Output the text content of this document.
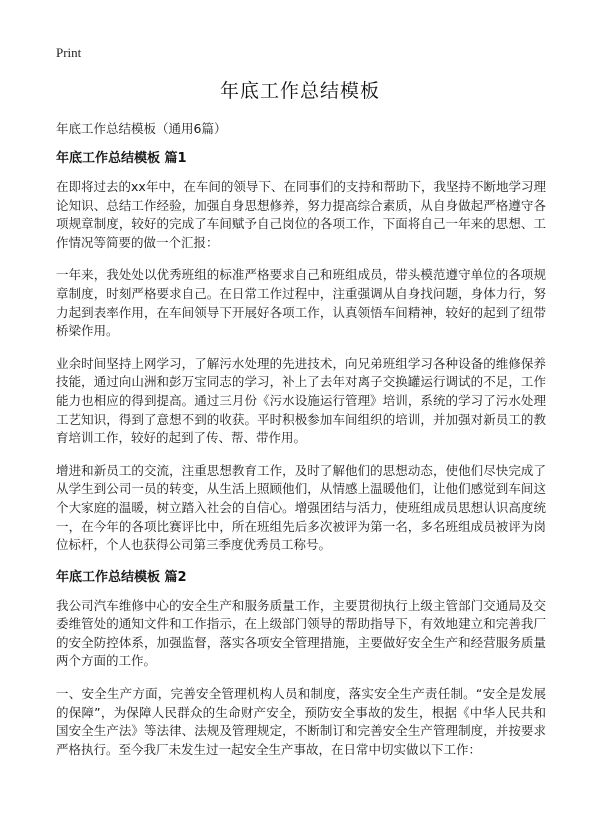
Print
年底工作总结模板

年底工作总结模板（通用6篇）

年底工作总结模板 篇1

在即将过去的xx年中，在车间的领导下、在同事们的支持和帮助下，我坚持不断地学习理论知识、总结工作经验，加强自身思想修养，努力提高综合素质，从自身做起严格遵守各项规章制度，较好的完成了车间赋予自己岗位的各项工作，下面将自己一年来的思想、工作情况等简要的做一个汇报：

一年来，我处处以优秀班组的标准严格要求自己和班组成员，带头模范遵守单位的各项规章制度，时刻严格要求自己。在日常工作过程中，注重强调从自身找问题，身体力行，努力起到表率作用，在车间领导下开展好各项工作，认真领悟车间精神，较好的起到了纽带桥梁作用。

业余时间坚持上网学习，了解污水处理的先进技术，向兄弟班组学习各种设备的维修保养技能，通过向山洲和彭万宝同志的学习，补上了去年对离子交换罐运行调试的不足，工作能力也相应的得到提高。通过三月份《污水设施运行管理》培训，系统的学习了污水处理工艺知识，得到了意想不到的收获。平时积极参加车间组织的培训，并加强对新员工的教育培训工作，较好的起到了传、帮、带作用。

增进和新员工的交流，注重思想教育工作，及时了解他们的思想动态，使他们尽快完成了从学生到公司一员的转变，从生活上照顾他们，从情感上温暖他们，让他们感觉到车间这个大家庭的温暖，树立踏入社会的自信心。增强团结与活力，使班组成员思想认识高度统一，在今年的各项比赛评比中，所在班组先后多次被评为第一名，多名班组成员被评为岗位标杆，个人也获得公司第三季度优秀员工称号。

年底工作总结模板 篇2

我公司汽车维修中心的安全生产和服务质量工作，主要贯彻执行上级主管部门交通局及交委维管处的通知文件和工作指示，在上级部门领导的帮助指导下，有效地建立和完善我厂的安全防控体系，加强监督，落实各项安全管理措施，主要做好安全生产和经营服务质量两个方面的工作。

一、安全生产方面，完善安全管理机构人员和制度，落实安全生产责任制。“安全是发展的保障”，为保障人民群众的生命财产安全，预防安全事故的发生，根据《中华人民共和国安全生产法》等法律、法规及管理规定，不断制订和完善安全生产管理制度，并按要求严格执行。至今我厂未发生过一起安全生产事故，在日常中切实做以下工作：
